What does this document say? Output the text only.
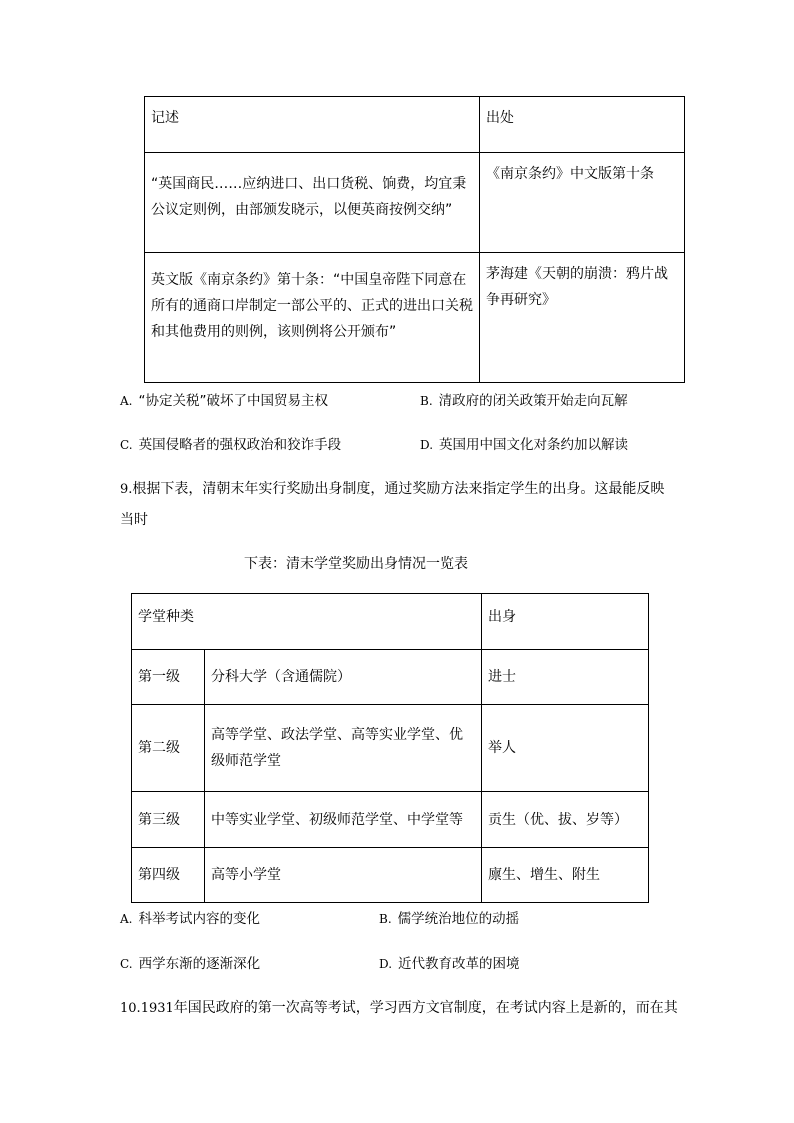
记述	出处
“英国商民……应纳进口、出口货税、饷费，均宜秉公议定则例，由部颁发晓示，以便英商按例交纳”	《南京条约》中文版第十条
英文版《南京条约》第十条：“中国皇帝陛下同意在所有的通商口岸制定一部公平的、正式的进出口关税和其他费用的则例，该则例将公开颁布”	茅海建《天朝的崩溃：鸦片战争再研究》
A. “协定关税”破坏了中国贸易主权	B. 清政府的闭关政策开始走向瓦解
C. 英国侵略者的强权政治和狡诈手段	D. 英国用中国文化对条约加以解读
9.根据下表，清朝末年实行奖励出身制度，通过奖励方法来指定学生的出身。这最能反映
当时
下表：清末学堂奖励出身情况一览表
学堂种类		出身
第一级	分科大学（含通儒院）	进士
第二级	高等学堂、政法学堂、高等实业学堂、优级师范学堂	举人
第三级	中等实业学堂、初级师范学堂、中学堂等	贡生（优、拔、岁等）
第四级	高等小学堂	廪生、增生、附生
A. 科举考试内容的变化	B. 儒学统治地位的动摇
C. 西学东渐的逐渐深化	D. 近代教育改革的困境
10.1931年国民政府的第一次高等考试，学习西方文官制度，在考试内容上是新的，而在其
